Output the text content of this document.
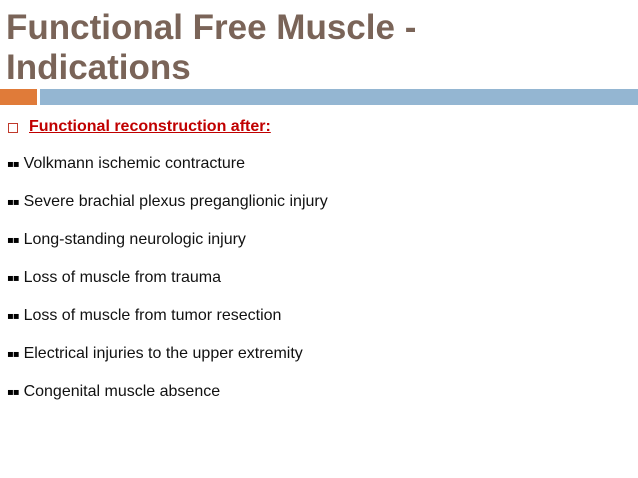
Functional Free Muscle -
Indications
Functional reconstruction after:
▪▪ Volkmann ischemic contracture
▪▪ Severe brachial plexus preganglionic injury
▪▪ Long-standing neurologic injury
▪▪ Loss of muscle from trauma
▪▪ Loss of muscle from tumor resection
▪▪ Electrical injuries to the upper extremity
▪▪ Congenital muscle absence
